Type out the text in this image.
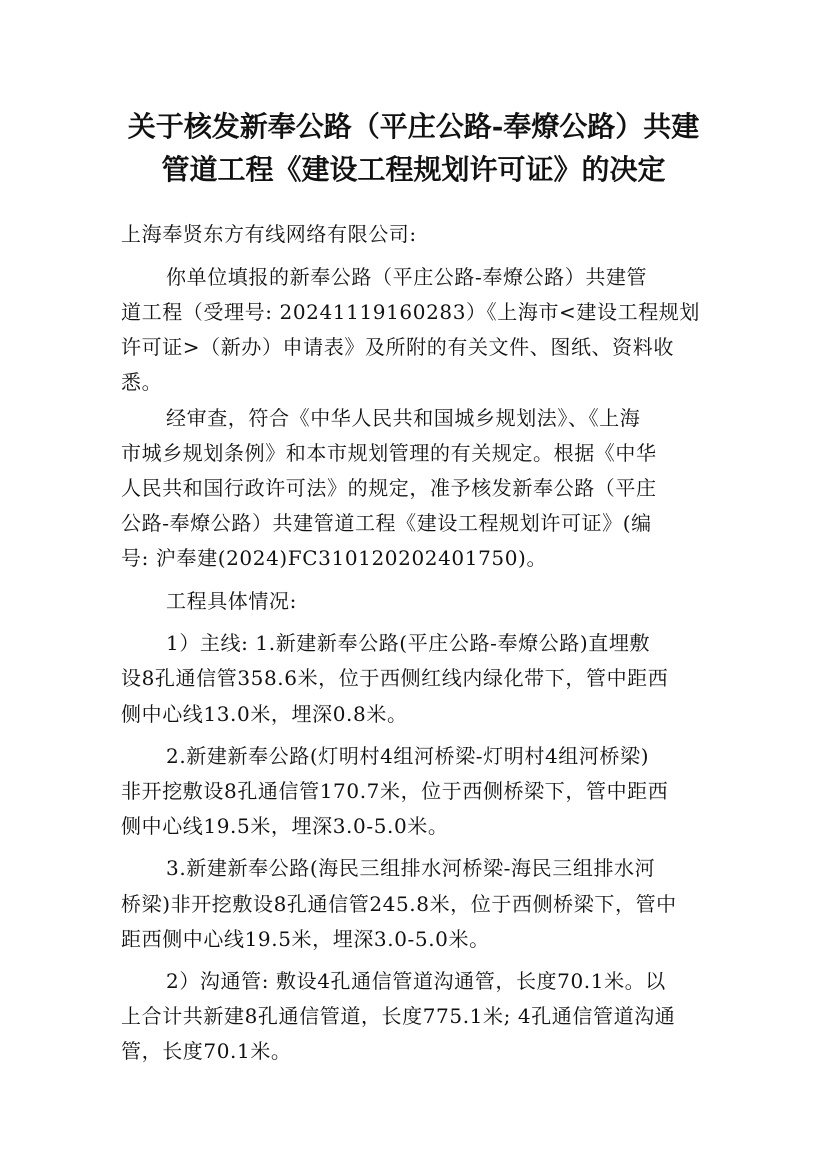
关于核发新奉公路（平庄公路-奉燎公路）共建
管道工程《建设工程规划许可证》的决定
上海奉贤东方有线网络有限公司:
你单位填报的新奉公路（平庄公路-奉燎公路）共建管
道工程（受理号: 20241119160283）《上海市<建设工程规划
许可证>（新办）申请表》及所附的有关文件、图纸、资料收
悉。
经审查，符合《中华人民共和国城乡规划法》、《上海
市城乡规划条例》和本市规划管理的有关规定。根据《中华
人民共和国行政许可法》的规定，准予核发新奉公路（平庄
公路-奉燎公路）共建管道工程《建设工程规划许可证》(编
号: 沪奉建(2024)FC310120202401750)。
工程具体情况:
1）主线: 1.新建新奉公路(平庄公路-奉燎公路)直埋敷
设8孔通信管358.6米，位于西侧红线内绿化带下，管中距西
侧中心线13.0米，埋深0.8米。
2.新建新奉公路(灯明村4组河桥梁-灯明村4组河桥梁)
非开挖敷设8孔通信管170.7米，位于西侧桥梁下，管中距西
侧中心线19.5米，埋深3.0-5.0米。
3.新建新奉公路(海民三组排水河桥梁-海民三组排水河
桥梁)非开挖敷设8孔通信管245.8米，位于西侧桥梁下，管中
距西侧中心线19.5米，埋深3.0-5.0米。
2）沟通管: 敷设4孔通信管道沟通管，长度70.1米。以
上合计共新建8孔通信管道，长度775.1米; 4孔通信管道沟通
管，长度70.1米。
